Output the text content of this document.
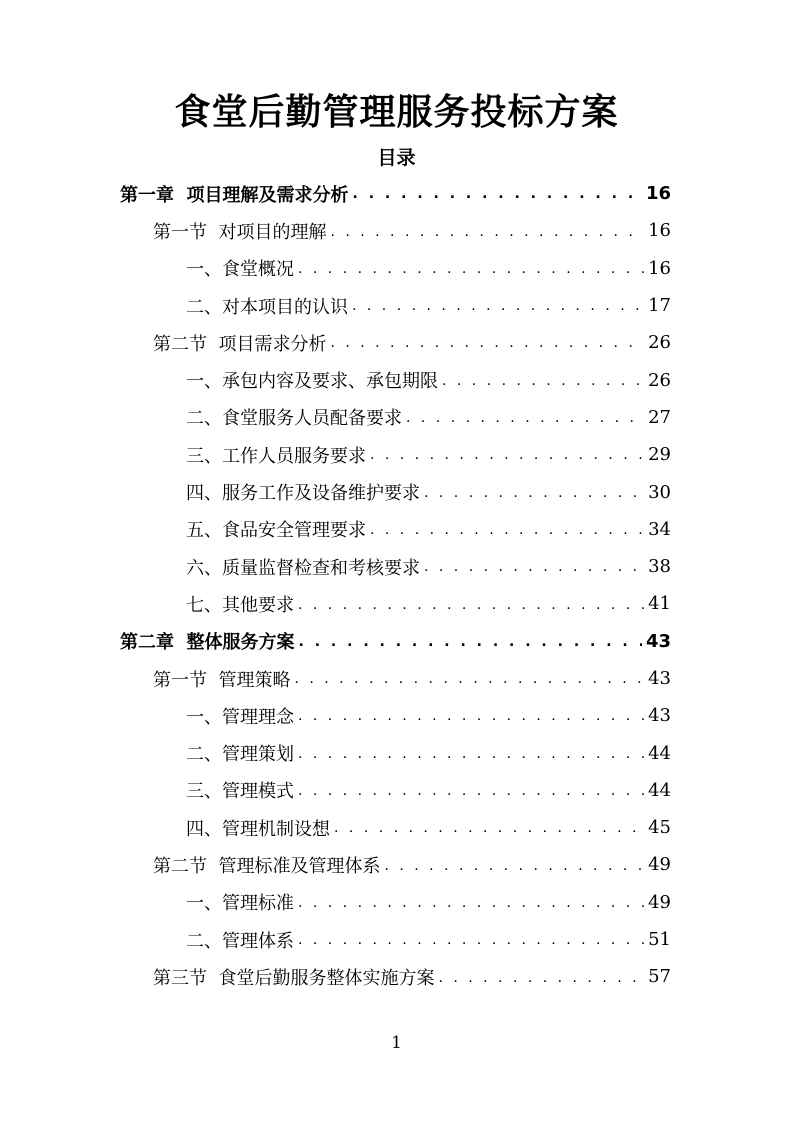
食堂后勤管理服务投标方案
目录
第一章  项目理解及需求分析 . . .	16
第一节  对项目的理解 . . .	16
一、食堂概况 . . .	16
二、对本项目的认识 . . .	17
第二节  项目需求分析 . . .	26
一、承包内容及要求、承包期限 . . .	26
二、食堂服务人员配备要求 . . .	27
三、工作人员服务要求 . . .	29
四、服务工作及设备维护要求 . . .	30
五、食品安全管理要求 . . .	34
六、质量监督检查和考核要求 . . .	38
七、其他要求 . . .	41
第二章  整体服务方案 . . .	43
第一节  管理策略 . . .	43
一、管理理念 . . .	43
二、管理策划 . . .	44
三、管理模式 . . .	44
四、管理机制设想 . . .	45
第二节  管理标准及管理体系 . . .	49
一、管理标准 . . .	49
二、管理体系 . . .	51
第三节  食堂后勤服务整体实施方案 . . .	57

1
